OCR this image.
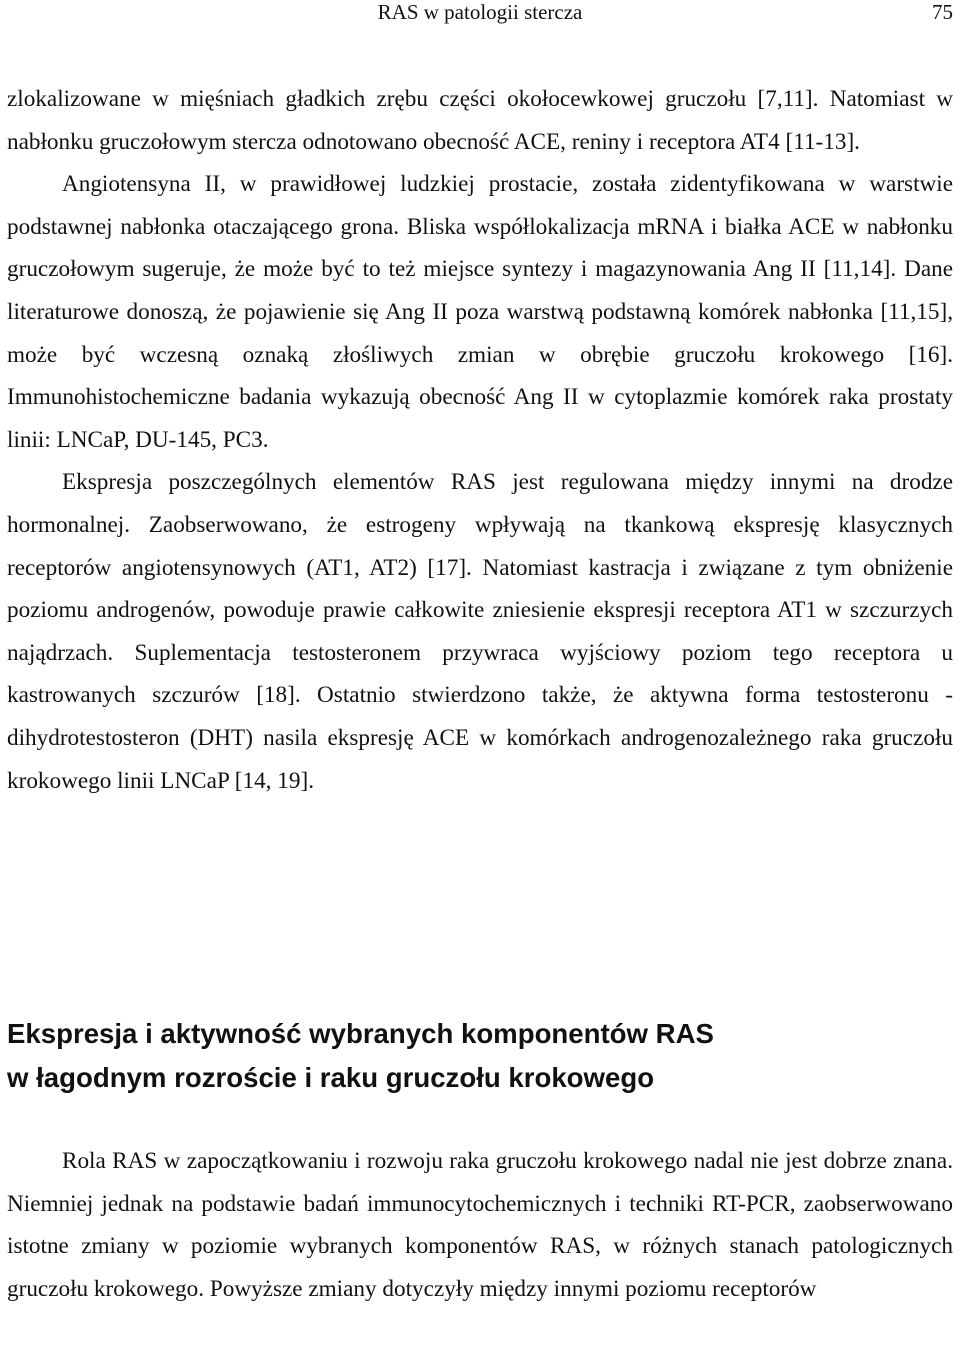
RAS w patologii stercza	75

zlokalizowane w mięśniach gładkich zrębu części okołocewkowej gruczołu [7,11]. Natomiast w nabłonku gruczołowym stercza odnotowano obecność ACE, reniny i receptora AT4 [11-13].

Angiotensyna II, w prawidłowej ludzkiej prostacie, została zidentyfikowana w warstwie podstawnej nabłonka otaczającego grona. Bliska współlokalizacja mRNA i białka ACE w nabłonku gruczołowym sugeruje, że może być to też miejsce syntezy i magazynowania Ang II [11,14]. Dane literaturowe donoszą, że pojawienie się Ang II poza warstwą podstawną komórek nabłonka [11,15], może być wczesną oznaką złośliwych zmian w obrębie gruczołu krokowego [16]. Immunohistochemiczne badania wykazują obecność Ang II w cytoplazmie komórek raka prostaty linii: LNCaP, DU-145, PC3.

Ekspresja poszczególnych elementów RAS jest regulowana między innymi na drodze hormonalnej. Zaobserwowano, że estrogeny wpływają na tkankową ekspresję klasycznych receptorów angiotensynowych (AT1, AT2) [17]. Natomiast kastracja i związane z tym obniżenie poziomu androgenów, powoduje prawie całkowite zniesienie ekspresji receptora AT1 w szczurzych najądrzach. Suplementacja testosteronem przywraca wyjściowy poziom tego receptora u kastrowanych szczurów [18]. Ostatnio stwierdzono także, że aktywna forma testosteronu - dihydrotestosteron (DHT) nasila ekspresję ACE w komórkach androgenozależnego raka gruczołu krokowego linii LNCaP [14, 19].

Ekspresja i aktywność wybranych komponentów RAS
w łagodnym rozroście i raku gruczołu krokowego

Rola RAS w zapoczątkowaniu i rozwoju raka gruczołu krokowego nadal nie jest dobrze znana. Niemniej jednak na podstawie badań immunocytochemicznych i techniki RT-PCR, zaobserwowano istotne zmiany w poziomie wybranych komponentów RAS, w różnych stanach patologicznych gruczołu krokowego. Powyższe zmiany dotyczyły między innymi poziomu receptorów
